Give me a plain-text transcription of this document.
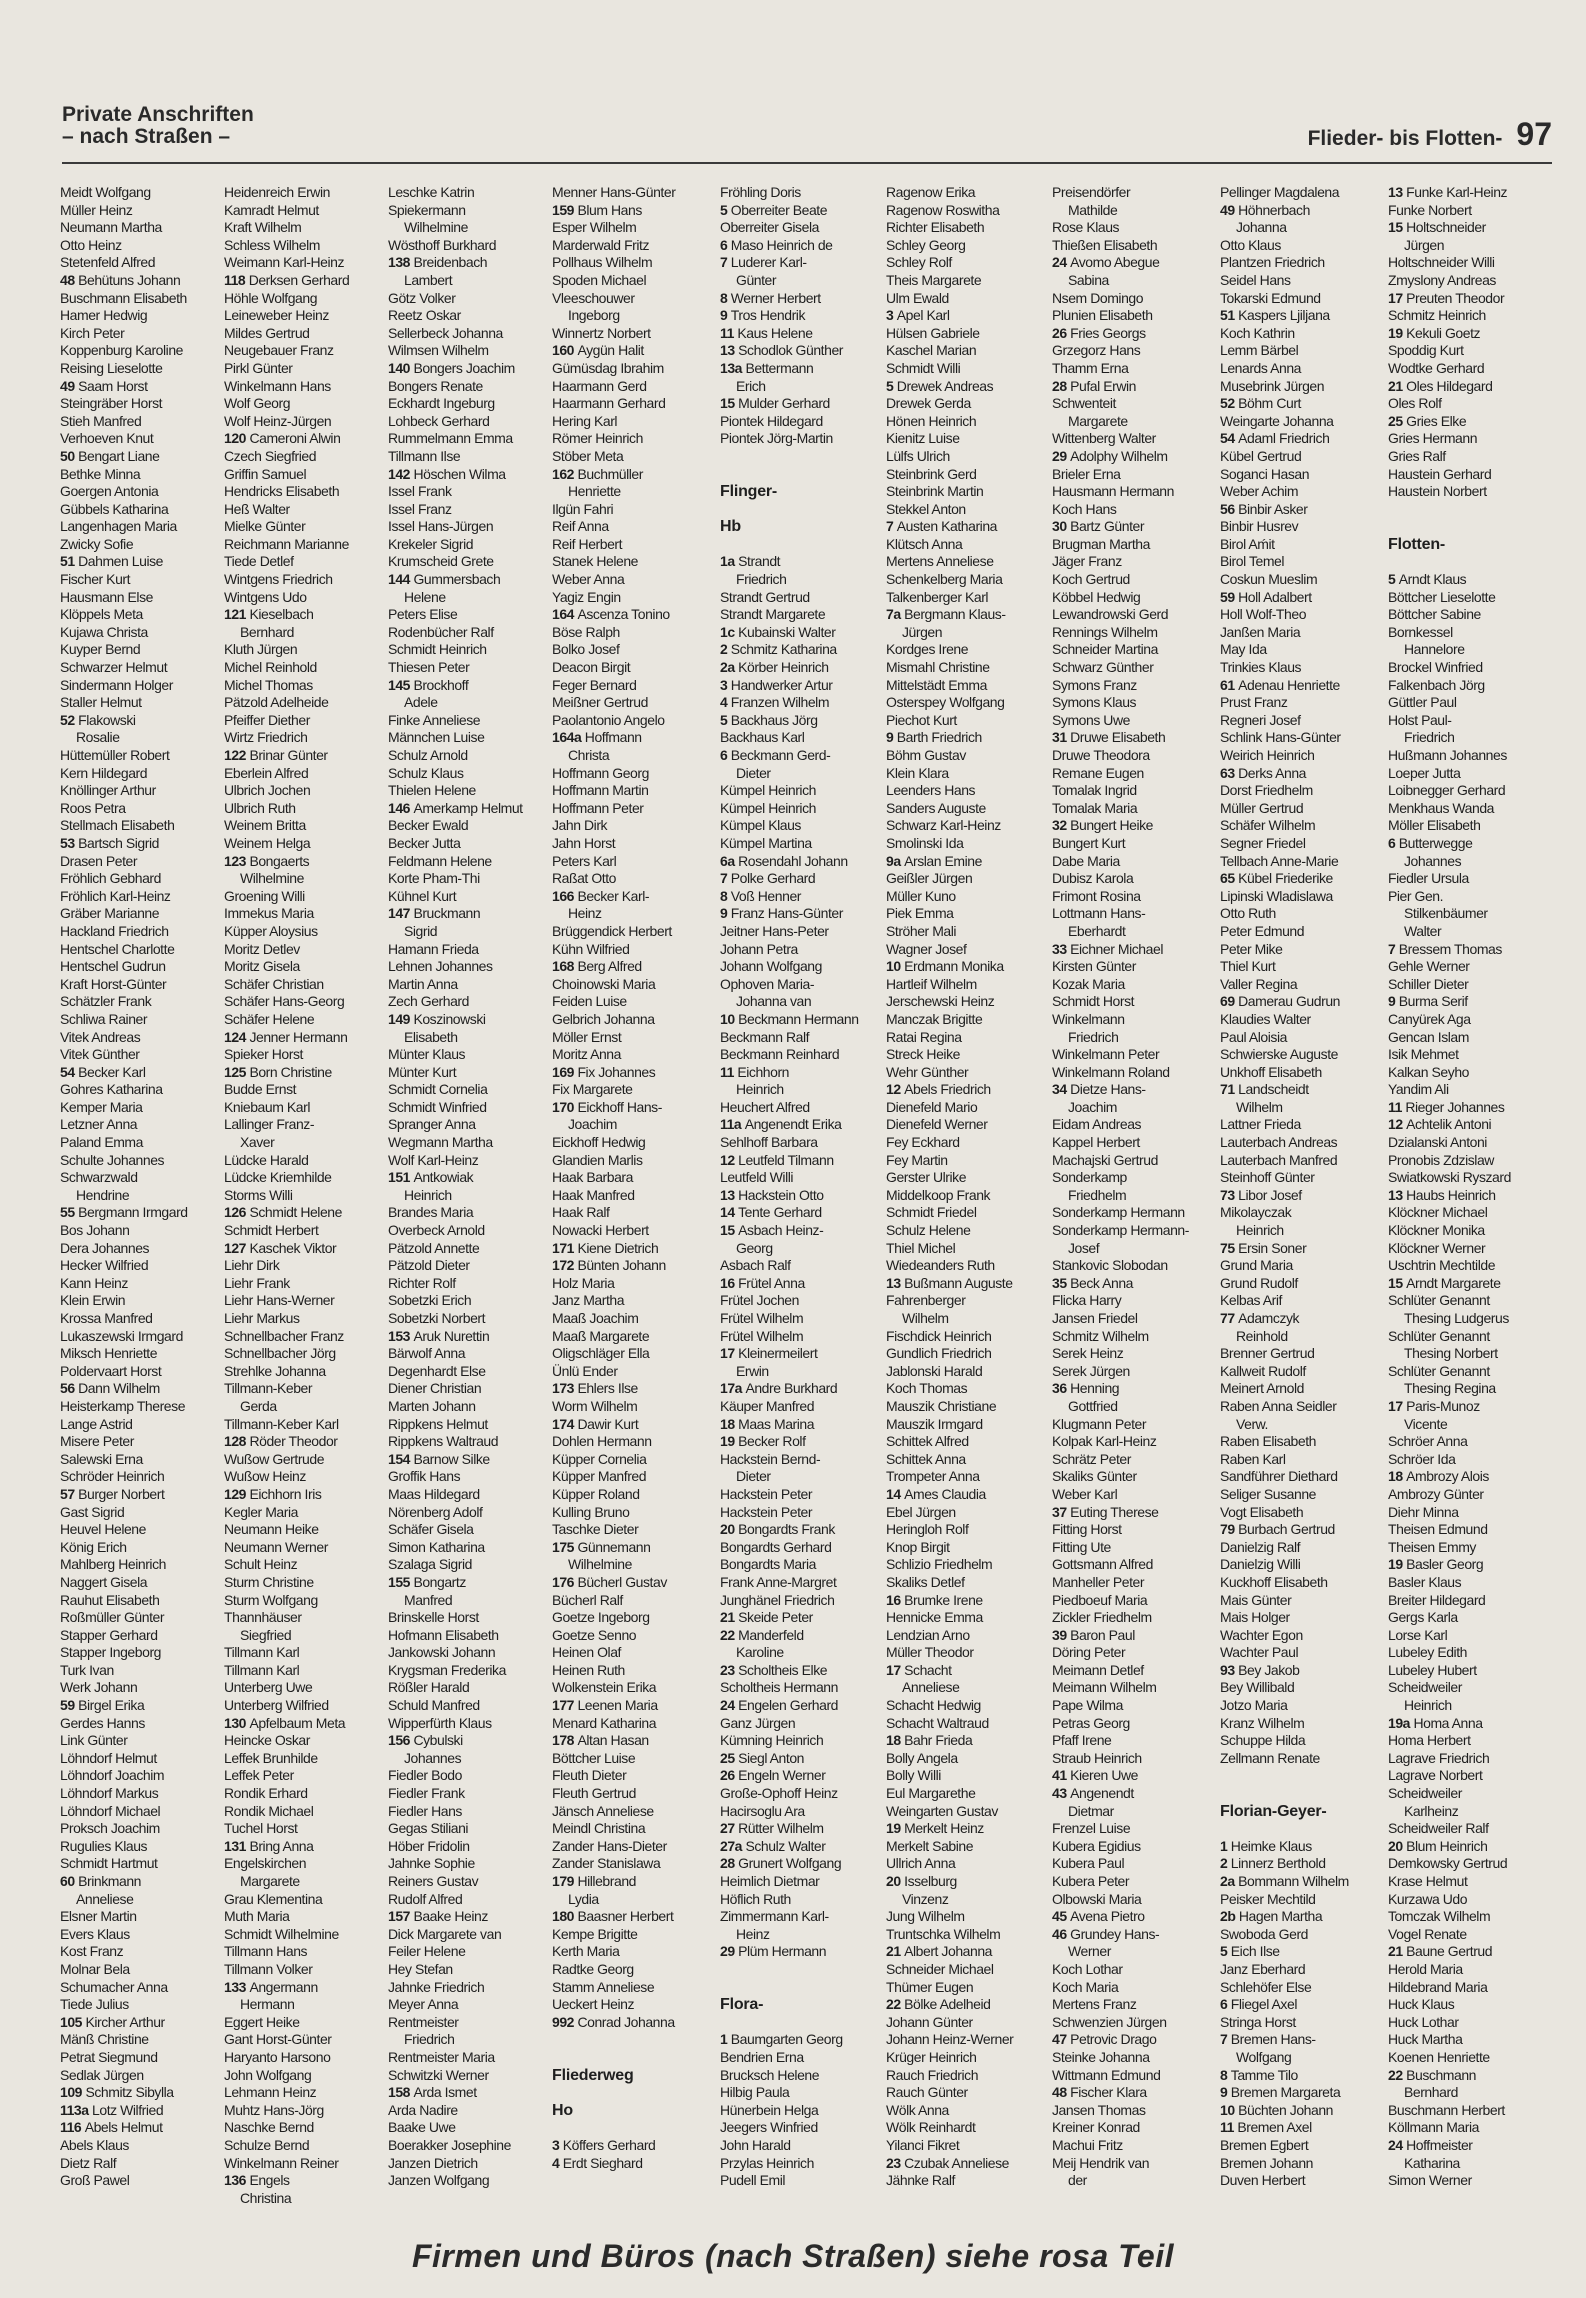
Private Anschriften
– nach Straßen –	Flieder- bis Flotten- 97
Meidt Wolfgang
Müller Heinz
Neumann Martha
Otto Heinz
Stetenfeld Alfred
48 Behütuns Johann
Buschmann Elisabeth
Hamer Hedwig
Kirch Peter
Koppenburg Karoline
Reising Lieselotte
49 Saam Horst
Steingräber Horst
Stieh Manfred
Verhoeven Knut
50 Bengart Liane
Bethke Minna
Goergen Antonia
Gübbels Katharina
Langenhagen Maria
Zwicky Sofie
51 Dahmen Luise
Fischer Kurt
Hausmann Else
Klöppels Meta
Kujawa Christa
Kuyper Bernd
Schwarzer Helmut
Sindermann Holger
Staller Helmut
52 Flakowski
Rosalie
Hüttemüller Robert
Kern Hildegard
Knöllinger Arthur
Roos Petra
Stellmach Elisabeth
53 Bartsch Sigrid
Drasen Peter
Fröhlich Gebhard
Fröhlich Karl-Heinz
Gräber Marianne
Hackland Friedrich
Hentschel Charlotte
Hentschel Gudrun
Kraft Horst-Günter
Schätzler Frank
Schliwa Rainer
Vitek Andreas
Vitek Günther
54 Becker Karl
Gohres Katharina
Kemper Maria
Letzner Anna
Paland Emma
Schulte Johannes
Schwarzwald
Hendrine
55 Bergmann Irmgard
Bos Johann
Dera Johannes
Hecker Wilfried
Kann Heinz
Klein Erwin
Krossa Manfred
Lukaszewski Irmgard
Miksch Henriette
Poldervaart Horst
56 Dann Wilhelm
Heisterkamp Therese
Lange Astrid
Misere Peter
Salewski Erna
Schröder Heinrich
57 Burger Norbert
Gast Sigrid
Heuvel Helene
König Erich
Mahlberg Heinrich
Naggert Gisela
Rauhut Elisabeth
Roßmüller Günter
Stapper Gerhard
Stapper Ingeborg
Turk Ivan
Werk Johann
59 Birgel Erika
Gerdes Hanns
Link Günter
Löhndorf Helmut
Löhndorf Joachim
Löhndorf Markus
Löhndorf Michael
Proksch Joachim
Rugulies Klaus
Schmidt Hartmut
60 Brinkmann
Anneliese
Elsner Martin
Evers Klaus
Kost Franz
Molnar Bela
Schumacher Anna
Tiede Julius
105 Kircher Arthur
Mänß Christine
Petrat Siegmund
Sedlak Jürgen
109 Schmitz Sibylla
113a Lotz Wilfried
116 Abels Helmut
Abels Klaus
Dietz Ralf
Groß Pawel
Heidenreich Erwin
Kamradt Helmut
Kraft Wilhelm
Schless Wilhelm
Weimann Karl-Heinz
118 Derksen Gerhard
Höhle Wolfgang
Leineweber Heinz
Mildes Gertrud
Neugebauer Franz
Pirkl Günter
Winkelmann Hans
Wolf Georg
Wolf Heinz-Jürgen
120 Cameroni Alwin
Czech Siegfried
Griffin Samuel
Hendricks Elisabeth
Heß Walter
Mielke Günter
Reichmann Marianne
Tiede Detlef
Wintgens Friedrich
Wintgens Udo
121 Kieselbach
Bernhard
Kluth Jürgen
Michel Reinhold
Michel Thomas
Pätzold Adelheide
Pfeiffer Diether
Wirtz Friedrich
122 Brinar Günter
Eberlein Alfred
Ulbrich Jochen
Ulbrich Ruth
Weinem Britta
Weinem Helga
123 Bongaerts
Wilhelmine
Groening Willi
Immekus Maria
Küpper Aloysius
Moritz Detlev
Moritz Gisela
Schäfer Christian
Schäfer Hans-Georg
Schäfer Helene
124 Jenner Hermann
Spieker Horst
125 Born Christine
Budde Ernst
Kniebaum Karl
Lallinger Franz-
Xaver
Lüdcke Harald
Lüdcke Kriemhilde
Storms Willi
126 Schmidt Helene
Schmidt Herbert
127 Kaschek Viktor
Liehr Dirk
Liehr Frank
Liehr Hans-Werner
Liehr Markus
Schnellbacher Franz
Schnellbacher Jörg
Strehlke Johanna
Tillmann-Keber
Gerda
Tillmann-Keber Karl
128 Röder Theodor
Wußow Gertrude
Wußow Heinz
129 Eichhorn Iris
Kegler Maria
Neumann Heike
Neumann Werner
Schult Heinz
Sturm Christine
Sturm Wolfgang
Thannhäuser
Siegfried
Tillmann Karl
Tillmann Karl
Unterberg Uwe
Unterberg Wilfried
130 Apfelbaum Meta
Heincke Oskar
Leffek Brunhilde
Leffek Peter
Rondik Erhard
Rondik Michael
Tuchel Horst
131 Bring Anna
Engelskirchen
Margarete
Grau Klementina
Muth Maria
Schmidt Wilhelmine
Tillmann Hans
Tillmann Volker
133 Angermann
Hermann
Eggert Heike
Gant Horst-Günter
Haryanto Harsono
John Wolfgang
Lehmann Heinz
Muhtz Hans-Jörg
Naschke Bernd
Schulze Bernd
Winkelmann Reiner
136 Engels
Christina
Leschke Katrin
Spiekermann
Wilhelmine
Wösthoff Burkhard
138 Breidenbach
Lambert
Götz Volker
Reetz Oskar
Sellerbeck Johanna
Wilmsen Wilhelm
140 Bongers Joachim
Bongers Renate
Eckhardt Ingeburg
Lohbeck Gerhard
Rummelmann Emma
Tillmann Ilse
142 Höschen Wilma
Issel Frank
Issel Franz
Issel Hans-Jürgen
Krekeler Sigrid
Krumscheid Grete
144 Gummersbach
Helene
Peters Elise
Rodenbücher Ralf
Schmidt Heinrich
Thiesen Peter
145 Brockhoff
Adele
Finke Anneliese
Männchen Luise
Schulz Arnold
Schulz Klaus
Thielen Helene
146 Amerkamp Helmut
Becker Ewald
Becker Jutta
Feldmann Helene
Korte Pham-Thi
Kühnel Kurt
147 Bruckmann
Sigrid
Hamann Frieda
Lehnen Johannes
Martin Anna
Zech Gerhard
149 Koszinowski
Elisabeth
Münter Klaus
Münter Kurt
Schmidt Cornelia
Schmidt Winfried
Spranger Anna
Wegmann Martha
Wolf Karl-Heinz
151 Antkowiak
Heinrich
Brandes Maria
Overbeck Arnold
Pätzold Annette
Pätzold Dieter
Richter Rolf
Sobetzki Erich
Sobetzki Norbert
153 Aruk Nurettin
Bärwolf Anna
Degenhardt Else
Diener Christian
Marten Johann
Rippkens Helmut
Rippkens Waltraud
154 Barnow Silke
Groffik Hans
Maas Hildegard
Nörenberg Adolf
Schäfer Gisela
Simon Katharina
Szalaga Sigrid
155 Bongartz
Manfred
Brinskelle Horst
Hofmann Elisabeth
Jankowski Johann
Krygsman Frederika
Rößler Harald
Schuld Manfred
Wipperfürth Klaus
156 Cybulski
Johannes
Fiedler Bodo
Fiedler Frank
Fiedler Hans
Gegas Stiliani
Höber Fridolin
Jahnke Sophie
Reiners Gustav
Rudolf Alfred
157 Baake Heinz
Dick Margarete van
Feiler Helene
Hey Stefan
Jahnke Friedrich
Meyer Anna
Rentmeister
Friedrich
Rentmeister Maria
Schwitzki Werner
158 Arda Ismet
Arda Nadire
Baake Uwe
Boerakker Josephine
Janzen Dietrich
Janzen Wolfgang
Menner Hans-Günter
159 Blum Hans
Esper Wilhelm
Marderwald Fritz
Pollhaus Wilhelm
Spoden Michael
Vleeschouwer
Ingeborg
Winnertz Norbert
160 Aygün Halit
Gümüsdag Ibrahim
Haarmann Gerd
Haarmann Gerhard
Hering Karl
Römer Heinrich
Stöber Meta
162 Buchmüller
Henriette
Ilgün Fahri
Reif Anna
Reif Herbert
Stanek Helene
Weber Anna
Yagiz Engin
164 Ascenza Tonino
Böse Ralph
Bolko Josef
Deacon Birgit
Feger Bernard
Meißner Gertrud
Paolantonio Angelo
164a Hoffmann
Christa
Hoffmann Georg
Hoffmann Martin
Hoffmann Peter
Jahn Dirk
Jahn Horst
Peters Karl
Raßat Otto
166 Becker Karl-
Heinz
Brüggendick Herbert
Kühn Wilfried
168 Berg Alfred
Choinowski Maria
Feiden Luise
Gelbrich Johanna
Möller Ernst
Moritz Anna
169 Fix Johannes
Fix Margarete
170 Eickhoff Hans-
Joachim
Eickhoff Hedwig
Glandien Marlis
Haak Barbara
Haak Manfred
Haak Ralf
Nowacki Herbert
171 Kiene Dietrich
172 Bünten Johann
Holz Maria
Janz Martha
Maaß Joachim
Maaß Margarete
Oligschläger Ella
Ünlü Ender
173 Ehlers Ilse
Worm Wilhelm
174 Dawir Kurt
Dohlen Hermann
Küpper Cornelia
Küpper Manfred
Küpper Roland
Kulling Bruno
Taschke Dieter
175 Günnemann
Wilhelmine
176 Bücherl Gustav
Bücherl Ralf
Goetze Ingeborg
Goetze Senno
Heinen Olaf
Heinen Ruth
Wolkenstein Erika
177 Leenen Maria
Menard Katharina
178 Altan Hasan
Böttcher Luise
Fleuth Dieter
Fleuth Gertrud
Jänsch Anneliese
Meindl Christina
Zander Hans-Dieter
Zander Stanislawa
179 Hillebrand
Lydia
180 Baasner Herbert
Kempe Brigitte
Kerth Maria
Radtke Georg
Stamm Anneliese
Ueckert Heinz
992 Conrad Johanna

Fliederweg

Ho

3 Köffers Gerhard
4 Erdt Sieghard
Fröhling Doris
5 Oberreiter Beate
Oberreiter Gisela
6 Maso Heinrich de
7 Luderer Karl-
Günter
8 Werner Herbert
9 Tros Hendrik
11 Kaus Helene
13 Schodlok Günther
13a Bettermann
Erich
15 Mulder Gerhard
Piontek Hildegard
Piontek Jörg-Martin

Flinger-

Hb

1a Strandt
Friedrich
Strandt Gertrud
Strandt Margarete
1c Kubainski Walter
2 Schmitz Katharina
2a Körber Heinrich
3 Handwerker Artur
4 Franzen Wilhelm
5 Backhaus Jörg
Backhaus Karl
6 Beckmann Gerd-
Dieter
Kümpel Heinrich
Kümpel Heinrich
Kümpel Klaus
Kümpel Martina
6a Rosendahl Johann
7 Polke Gerhard
8 Voß Henner
9 Franz Hans-Günter
Jeitner Hans-Peter
Johann Petra
Johann Wolfgang
Ophoven Maria-
Johanna van
10 Beckmann Hermann
Beckmann Ralf
Beckmann Reinhard
11 Eichhorn
Heinrich
Heuchert Alfred
11a Angenendt Erika
Sehlhoff Barbara
12 Leutfeld Tilmann
Leutfeld Willi
13 Hackstein Otto
14 Tente Gerhard
15 Asbach Heinz-
Georg
Asbach Ralf
16 Frütel Anna
Frütel Jochen
Frütel Wilhelm
Frütel Wilhelm
17 Kleinermeilert
Erwin
17a Andre Burkhard
Käuper Manfred
18 Maas Marina
19 Becker Rolf
Hackstein Bernd-
Dieter
Hackstein Peter
Hackstein Peter
20 Bongardts Frank
Bongardts Gerhard
Bongardts Maria
Frank Anne-Margret
Junghänel Friedrich
21 Skeide Peter
22 Manderfeld
Karoline
23 Scholtheis Elke
Scholtheis Hermann
24 Engelen Gerhard
Ganz Jürgen
Kümning Heinrich
25 Siegl Anton
26 Engeln Werner
Große-Ophoff Heinz
Hacirsoglu Ara
27 Rütter Wilhelm
27a Schulz Walter
28 Grunert Wolfgang
Heimlich Dietmar
Höflich Ruth
Zimmermann Karl-
Heinz
29 Plüm Hermann

Flora-

1 Baumgarten Georg
Bendrien Erna
Brucksch Helene
Hilbig Paula
Hünerbein Helga
Jeegers Winfried
John Harald
Przylas Heinrich
Pudell Emil
Ragenow Erika
Ragenow Roswitha
Richter Elisabeth
Schley Georg
Schley Rolf
Theis Margarete
Ulm Ewald
3 Apel Karl
Hülsen Gabriele
Kaschel Marian
Schmidt Willi
5 Drewek Andreas
Drewek Gerda
Hönen Heinrich
Kienitz Luise
Lülfs Ulrich
Steinbrink Gerd
Steinbrink Martin
Stekkel Anton
7 Austen Katharina
Klütsch Anna
Mertens Anneliese
Schenkelberg Maria
Talkenberger Karl
7a Bergmann Klaus-
Jürgen
Kordges Irene
Mismahl Christine
Mittelstädt Emma
Osterspey Wolfgang
Piechot Kurt
9 Barth Friedrich
Böhm Gustav
Klein Klara
Leenders Hans
Sanders Auguste
Schwarz Karl-Heinz
Smolinski Ida
9a Arslan Emine
Geißler Jürgen
Müller Kuno
Piek Emma
Ströher Mali
Wagner Josef
10 Erdmann Monika
Hartleif Wilhelm
Jerschewski Heinz
Manczak Brigitte
Ratai Regina
Streck Heike
Wehr Günther
12 Abels Friedrich
Dienefeld Mario
Dienefeld Werner
Fey Eckhard
Fey Martin
Gerster Ulrike
Middelkoop Frank
Schmidt Friedel
Schulz Helene
Thiel Michel
Wiedeanders Ruth
13 Bußmann Auguste
Fahrenberger
Wilhelm
Fischdick Heinrich
Gundlich Friedrich
Jablonski Harald
Koch Thomas
Mauszik Christiane
Mauszik Irmgard
Schittek Alfred
Schittek Anna
Trompeter Anna
14 Ames Claudia
Ebel Jürgen
Heringloh Rolf
Knop Birgit
Schlizio Friedhelm
Skaliks Detlef
16 Brumke Irene
Hennicke Emma
Lendzian Arno
Müller Theodor
17 Schacht
Anneliese
Schacht Hedwig
Schacht Waltraud
18 Bahr Frieda
Bolly Angela
Bolly Willi
Eul Margarethe
Weingarten Gustav
19 Merkelt Heinz
Merkelt Sabine
Ullrich Anna
20 Isselburg
Vinzenz
Jung Wilhelm
Truntschka Wilhelm
21 Albert Johanna
Schneider Michael
Thümer Eugen
22 Bölke Adelheid
Johann Günter
Johann Heinz-Werner
Krüger Heinrich
Rauch Friedrich
Rauch Günter
Wölk Anna
Wölk Reinhardt
Yilanci Fikret
23 Czubak Anneliese
Jähnke Ralf
Preisendörfer
Mathilde
Rose Klaus
Thießen Elisabeth
24 Avomo Abegue
Sabina
Nsem Domingo
Plunien Elisabeth
26 Fries Georgs
Grzegorz Hans
Thamm Erna
28 Pufal Erwin
Schwenteit
Margarete
Wittenberg Walter
29 Adolphy Wilhelm
Brieler Erna
Hausmann Hermann
Koch Hans
30 Bartz Günter
Brugman Martha
Jäger Franz
Koch Gertrud
Köbbel Hedwig
Lewandrowski Gerd
Rennings Wilhelm
Schneider Martina
Schwarz Günther
Symons Franz
Symons Klaus
Symons Uwe
31 Druwe Elisabeth
Druwe Theodora
Remane Eugen
Tomalak Ingrid
Tomalak Maria
32 Bungert Heike
Bungert Kurt
Dabe Maria
Dubisz Karola
Frimont Rosina
Lottmann Hans-
Eberhardt
33 Eichner Michael
Kirsten Günter
Kozak Maria
Schmidt Horst
Winkelmann
Friedrich
Winkelmann Peter
Winkelmann Roland
34 Dietze Hans-
Joachim
Eidam Andreas
Kappel Herbert
Machajski Gertrud
Sonderkamp
Friedhelm
Sonderkamp Hermann
Sonderkamp Hermann-
Josef
Stankovic Slobodan
35 Beck Anna
Flicka Harry
Jansen Friedel
Schmitz Wilhelm
Serek Heinz
Serek Jürgen
36 Henning
Gottfried
Klugmann Peter
Kolpak Karl-Heinz
Schrätz Peter
Skaliks Günter
Weber Karl
37 Euting Therese
Fitting Horst
Fitting Ute
Gottsmann Alfred
Manheller Peter
Piedboeuf Maria
Zickler Friedhelm
39 Baron Paul
Döring Peter
Meimann Detlef
Meimann Wilhelm
Pape Wilma
Petras Georg
Pfaff Irene
Straub Heinrich
41 Kieren Uwe
43 Angenendt
Dietmar
Frenzel Luise
Kubera Egidius
Kubera Paul
Kubera Peter
Olbowski Maria
45 Avena Pietro
46 Grundey Hans-
Werner
Koch Lothar
Koch Maria
Mertens Franz
Schwenzien Jürgen
47 Petrovic Drago
Steinke Johanna
Wittmann Edmund
48 Fischer Klara
Jansen Thomas
Kreiner Konrad
Machui Fritz
Meij Hendrik van
der
Pellinger Magdalena
49 Höhnerbach
Johanna
Otto Klaus
Plantzen Friedrich
Seidel Hans
Tokarski Edmund
51 Kaspers Ljiljana
Koch Kathrin
Lemm Bärbel
Lenards Anna
Musebrink Jürgen
52 Böhm Curt
Weingarte Johanna
54 Adaml Friedrich
Kübel Gertrud
Soganci Hasan
Weber Achim
56 Binbir Asker
Binbir Husrev
Birol Aḿit
Birol Temel
Coskun Mueslim
59 Holl Adalbert
Holl Wolf-Theo
Janßen Maria
May Ida
Trinkies Klaus
61 Adenau Henriette
Prust Franz
Regneri Josef
Schlink Hans-Günter
Weirich Heinrich
63 Derks Anna
Dorst Friedhelm
Müller Gertrud
Schäfer Wilhelm
Segner Friedel
Tellbach Anne-Marie
65 Kübel Friederike
Lipinski Wladislawa
Otto Ruth
Peter Edmund
Peter Mike
Thiel Kurt
Valler Regina
69 Damerau Gudrun
Klaudies Walter
Paul Aloisia
Schwierske Auguste
Unkhoff Elisabeth
71 Landscheidt
Wilhelm
Lattner Frieda
Lauterbach Andreas
Lauterbach Manfred
Steinhoff Günter
73 Libor Josef
Mikolayczak
Heinrich
75 Ersin Soner
Grund Maria
Grund Rudolf
Kelbas Arif
77 Adamczyk
Reinhold
Brenner Gertrud
Kallweit Rudolf
Meinert Arnold
Raben Anna Seidler
Verw.
Raben Elisabeth
Raben Karl
Sandführer Diethard
Seliger Susanne
Vogt Elisabeth
79 Burbach Gertrud
Danielzig Ralf
Danielzig Willi
Kuckhoff Elisabeth
Mais Günter
Mais Holger
Wachter Egon
Wachter Paul
93 Bey Jakob
Bey Willibald
Jotzo Maria
Kranz Wilhelm
Schuppe Hilda
Zellmann Renate

Florian-Geyer-

1 Heimke Klaus
2 Linnerz Berthold
2a Bommann Wilhelm
Peisker Mechtild
2b Hagen Martha
Swoboda Gerd
5 Eich Ilse
Janz Eberhard
Schlehöfer Else
6 Fliegel Axel
Stringa Horst
7 Bremen Hans-
Wolfgang
8 Tamme Tilo
9 Bremen Margareta
10 Büchten Johann
11 Bremen Axel
Bremen Egbert
Bremen Johann
Duven Herbert
13 Funke Karl-Heinz
Funke Norbert
15 Holtschneider
Jürgen
Holtschneider Willi
Zmyslony Andreas
17 Preuten Theodor
Schmitz Heinrich
19 Kekuli Goetz
Spoddig Kurt
Wodtke Gerhard
21 Oles Hildegard
Oles Rolf
25 Gries Elke
Gries Hermann
Gries Ralf
Haustein Gerhard
Haustein Norbert

Flotten-

5 Arndt Klaus
Böttcher Lieselotte
Böttcher Sabine
Bornkessel
Hannelore
Brockel Winfried
Falkenbach Jörg
Güttler Paul
Holst Paul-
Friedrich
Hußmann Johannes
Loeper Jutta
Loibnegger Gerhard
Menkhaus Wanda
Möller Elisabeth
6 Butterwegge
Johannes
Fiedler Ursula
Pier Gen.
Stilkenbäumer
Walter
7 Bressem Thomas
Gehle Werner
Schiller Dieter
9 Burma Serif
Canyürek Aga
Gencan Islam
Isik Mehmet
Kalkan Seyho
Yandim Ali
11 Rieger Johannes
12 Achtelik Antoni
Dzialanski Antoni
Pronobis Zdzislaw
Swiatkowski Ryszard
13 Haubs Heinrich
Klöckner Michael
Klöckner Monika
Klöckner Werner
Uschtrin Mechtilde
15 Arndt Margarete
Schlüter Genannt
Thesing Ludgerus
Schlüter Genannt
Thesing Norbert
Schlüter Genannt
Thesing Regina
17 Paris-Munoz
Vicente
Schröer Anna
Schröer Ida
18 Ambrozy Alois
Ambrozy Günter
Diehr Minna
Theisen Edmund
Theisen Emmy
19 Basler Georg
Basler Klaus
Breiter Hildegard
Gergs Karla
Lorse Karl
Lubeley Edith
Lubeley Hubert
Scheidweiler
Heinrich
19a Homa Anna
Homa Herbert
Lagrave Friedrich
Lagrave Norbert
Scheidweiler
Karlheinz
Scheidweiler Ralf
20 Blum Heinrich
Demkowsky Gertrud
Krase Helmut
Kurzawa Udo
Tomczak Wilhelm
Vogel Renate
21 Baune Gertrud
Herold Maria
Hildebrand Maria
Huck Klaus
Huck Lothar
Huck Martha
Koenen Henriette
22 Buschmann
Bernhard
Buschmann Herbert
Köllmann Maria
24 Hoffmeister
Katharina
Simon Werner
Firmen und Büros (nach Straßen) siehe rosa Teil
